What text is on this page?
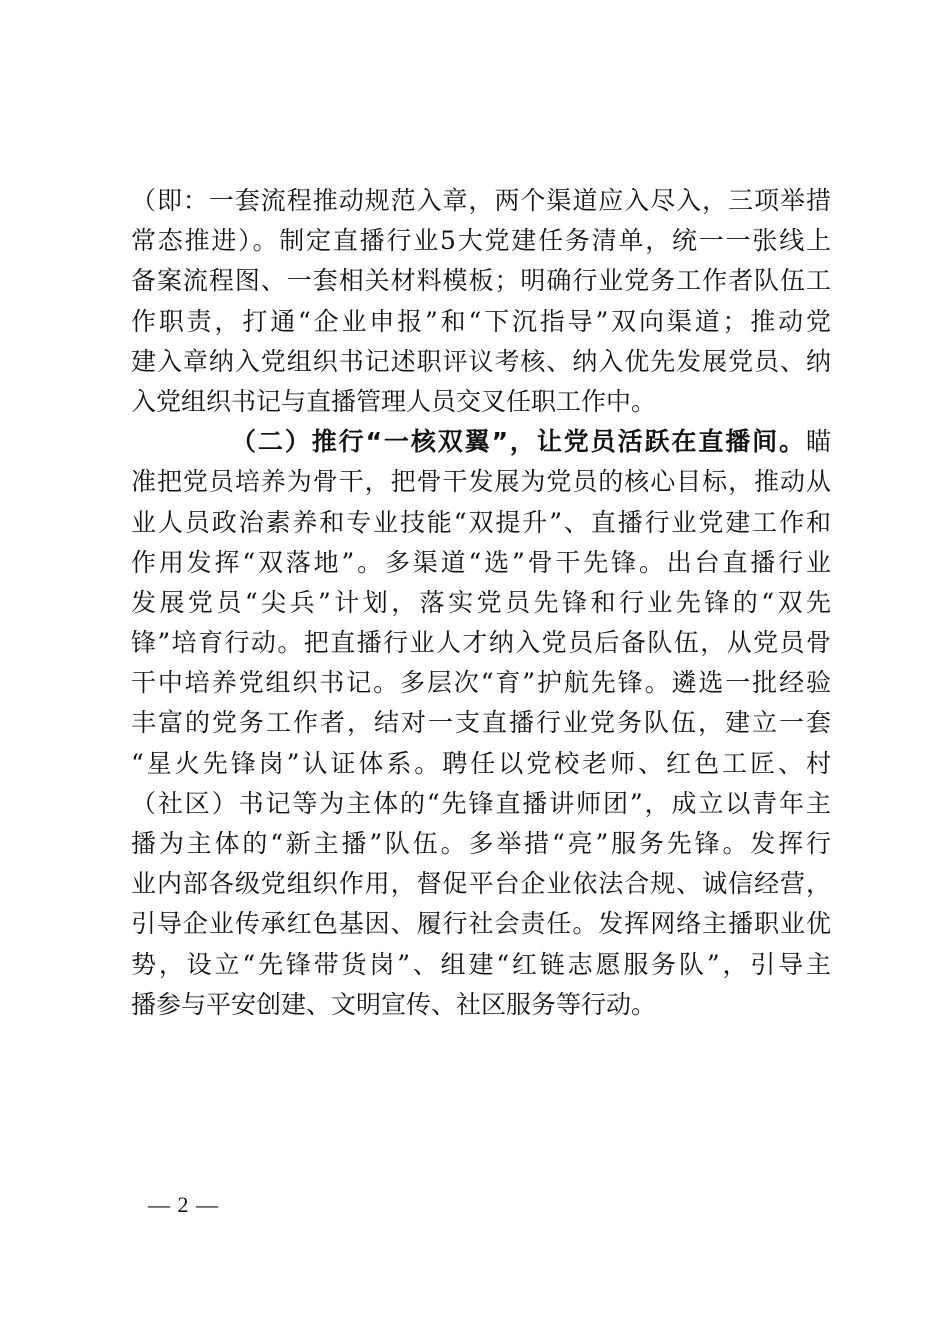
（即：一套流程推动规范入章，两个渠道应入尽入，三项举措
常态推进）。制定直播行业5大党建任务清单，统一一张线上
备案流程图、一套相关材料模板；明确行业党务工作者队伍工
作职责，打通“企业申报”和“下沉指导”双向渠道；推动党
建入章纳入党组织书记述职评议考核、纳入优先发展党员、纳
入党组织书记与直播管理人员交叉任职工作中。
（二）推行“一核双翼”，让党员活跃在直播间。瞄
准把党员培养为骨干，把骨干发展为党员的核心目标，推动从
业人员政治素养和专业技能“双提升”、直播行业党建工作和
作用发挥“双落地”。多渠道“选”骨干先锋。出台直播行业
发展党员“尖兵”计划，落实党员先锋和行业先锋的“双先
锋”培育行动。把直播行业人才纳入党员后备队伍，从党员骨
干中培养党组织书记。多层次“育”护航先锋。遴选一批经验
丰富的党务工作者，结对一支直播行业党务队伍，建立一套
“星火先锋岗”认证体系。聘任以党校老师、红色工匠、村
（社区）书记等为主体的“先锋直播讲师团”，成立以青年主
播为主体的“新主播”队伍。多举措“亮”服务先锋。发挥行
业内部各级党组织作用，督促平台企业依法合规、诚信经营，
引导企业传承红色基因、履行社会责任。发挥网络主播职业优
势，设立“先锋带货岗”、组建“红链志愿服务队”，引导主
播参与平安创建、文明宣传、社区服务等行动。
— 2 —
